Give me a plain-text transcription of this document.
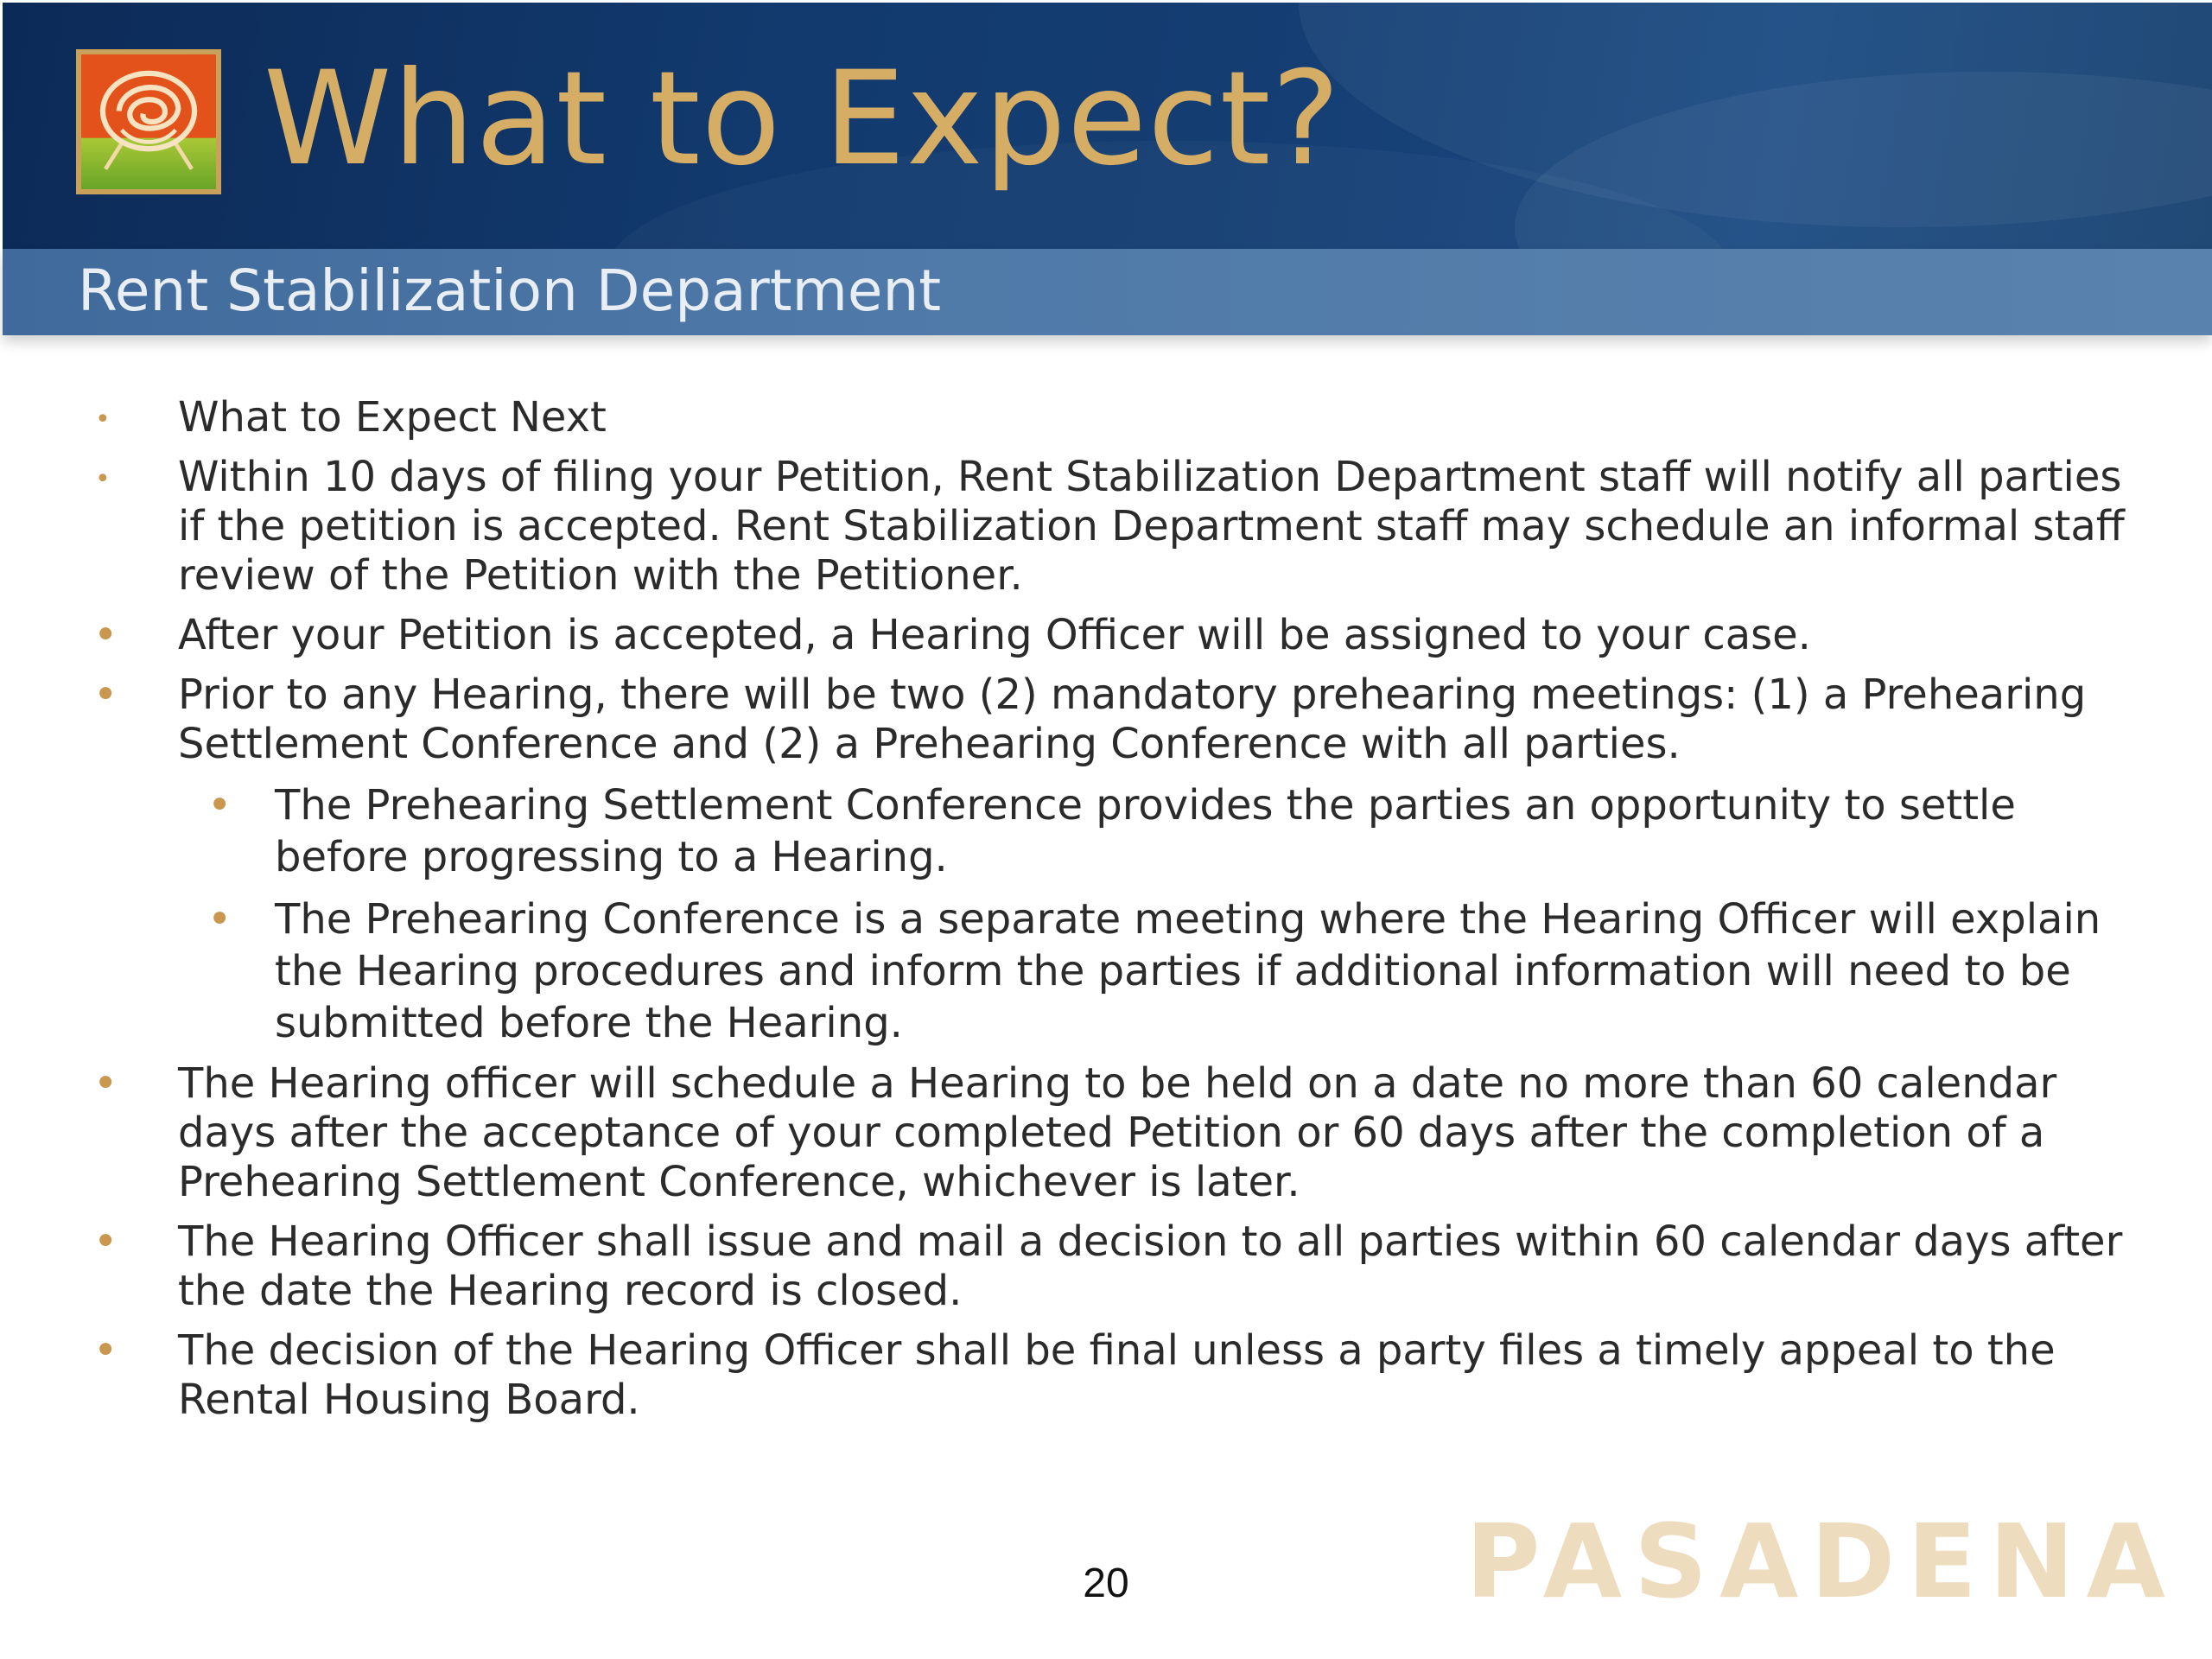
What to Expect?
Rent Stabilization Department
• What to Expect Next
• Within 10 days of filing your Petition, Rent Stabilization Department staff will notify all parties if the petition is accepted. Rent Stabilization Department staff may schedule an informal staff review of the Petition with the Petitioner.
• After your Petition is accepted, a Hearing Officer will be assigned to your case.
• Prior to any Hearing, there will be two (2) mandatory prehearing meetings: (1) a Prehearing Settlement Conference and (2) a Prehearing Conference with all parties.
• The Prehearing Settlement Conference provides the parties an opportunity to settle before progressing to a Hearing.
• The Prehearing Conference is a separate meeting where the Hearing Officer will explain the Hearing procedures and inform the parties if additional information will need to be submitted before the Hearing.
• The Hearing officer will schedule a Hearing to be held on a date no more than 60 calendar days after the acceptance of your completed Petition or 60 days after the completion of a Prehearing Settlement Conference, whichever is later.
• The Hearing Officer shall issue and mail a decision to all parties within 60 calendar days after the date the Hearing record is closed.
• The decision of the Hearing Officer shall be final unless a party files a timely appeal to the Rental Housing Board.
20	PASADENA
